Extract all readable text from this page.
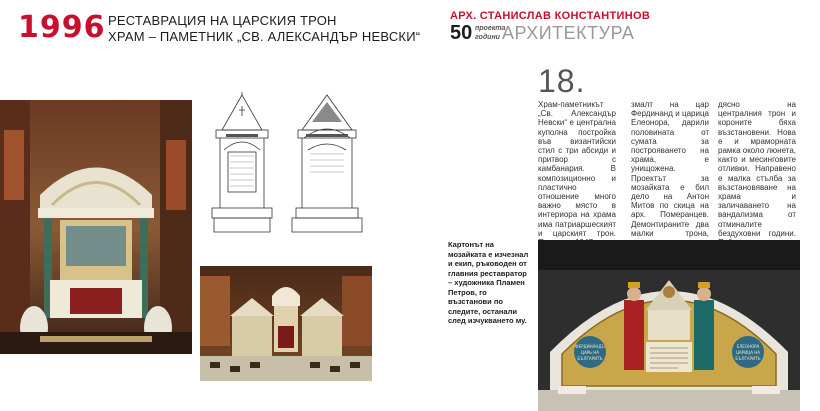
1996 РЕСТАВРАЦИЯ НА ЦАРСКИЯ ТРОН
ХРАМ – ПАМЕТНИК „СВ. АЛЕКСАНДЪР НЕВСКИ“
АРХ. СТАНИСЛАВ КОНСТАНТИНОВ
50 проекта
години АРХИТЕКТУРА
18.
Храм-паметникът „Св. Александър Невски“ е централна куполна постройка във византийски стил с три абсиди и притвор с камбанария. В композиционно и пластично отношение много важно място в интериора на храма има патриаршеският и царският трон.
змалт на цар Фердинанд и царица Елеонора, дарили половината от сумата за построяването на храма, е унищожена. Проектът за мозайката е бил дело на Антон Митов по скица на арх. Померанцев. Демонтираните два малки трона,
дясно на централния трон и короните бяха възстановени. Нова е и мраморната рамка около люнета, както и месинговите отливки. Направено е малка стълба за възстановяване на храма и заличаването на вандализма от отминалите бездуховни години.
Картонът на мозайката е изчезнал и екип, ръководен от главния реставратор – художника Пламен Петров, го възстанови по следите, останали след изчукването му.
ФЕРДИНАНДЪ
ЦАРЬ НА
БЪЛГАРИТѢ
ЕЛЕОНОРА
ЦАРИЦА НА
БЪЛГАРИТѢ
